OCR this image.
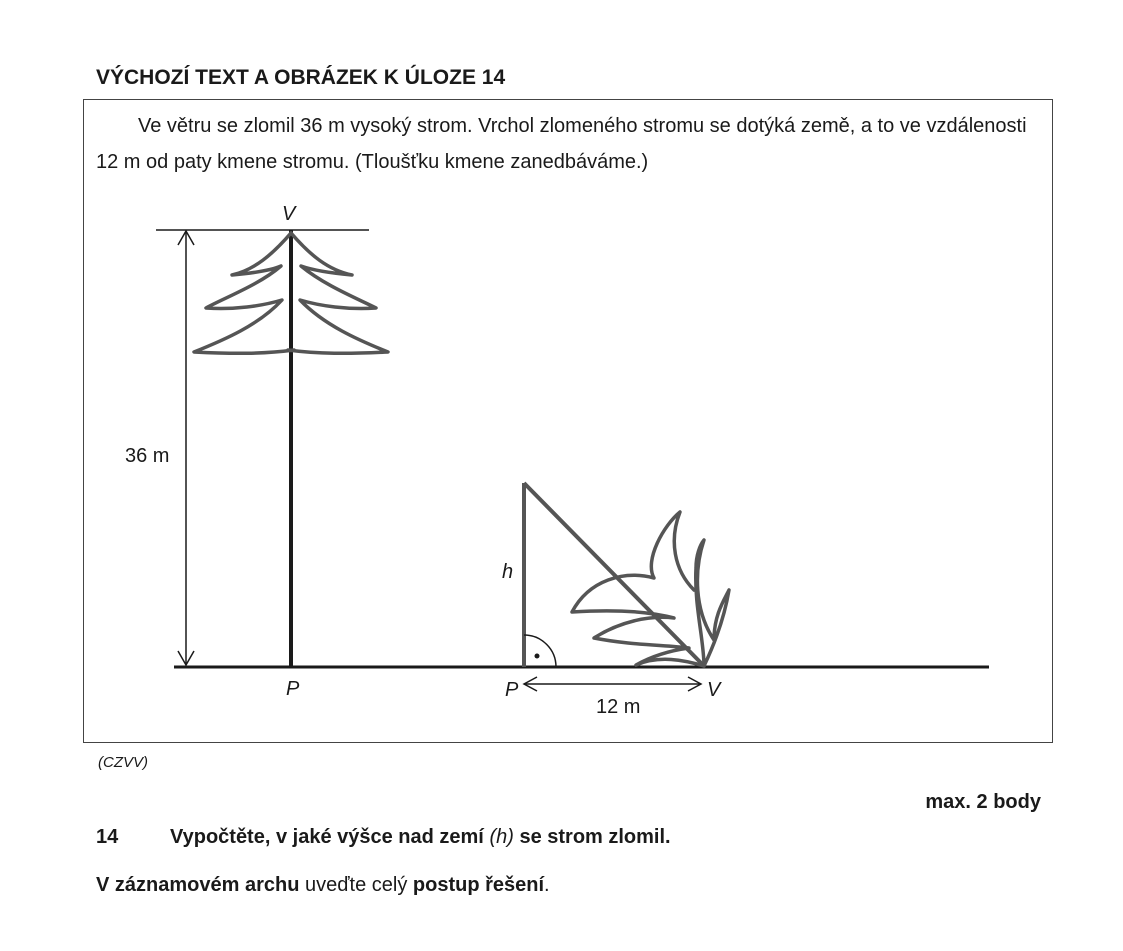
VÝCHOZÍ TEXT A OBRÁZEK K ÚLOZE 14

Ve větru se zlomil 36 m vysoký strom. Vrchol zlomeného stromu se dotýká země, a to ve vzdálenosti 12 m od paty kmene stromu. (Tloušťku kmene zanedbáváme.)

36 m
V
P
h
P	V
12 m
(CZVV)
max. 2 body
14	Vypočtěte, v jaké výšce nad zemí (h) se strom zlomil.
V záznamovém archu uveďte celý postup řešení.
